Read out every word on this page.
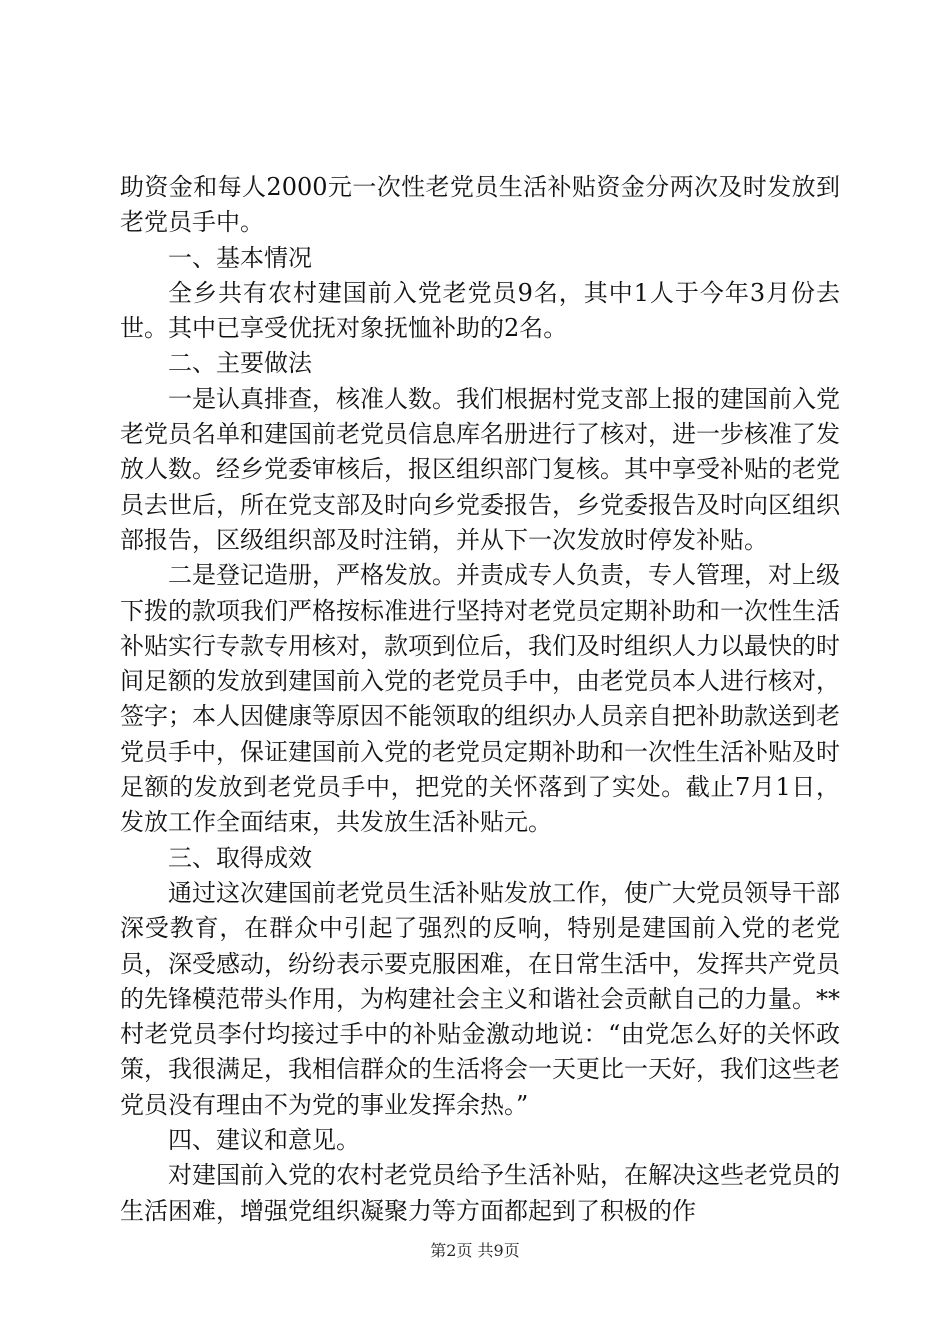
助资金和每人2000元一次性老党员生活补贴资金分两次及时发放到老党员手中。

一、基本情况

全乡共有农村建国前入党老党员9名，其中1人于今年3月份去世。其中已享受优抚对象抚恤补助的2名。

二、主要做法

一是认真排查，核准人数。我们根据村党支部上报的建国前入党老党员名单和建国前老党员信息库名册进行了核对，进一步核准了发放人数。经乡党委审核后，报区组织部门复核。其中享受补贴的老党员去世后，所在党支部及时向乡党委报告，乡党委报告及时向区组织部报告，区级组织部及时注销，并从下一次发放时停发补贴。

二是登记造册，严格发放。并责成专人负责，专人管理，对上级下拨的款项我们严格按标准进行坚持对老党员定期补助和一次性生活补贴实行专款专用核对，款项到位后，我们及时组织人力以最快的时间足额的发放到建国前入党的老党员手中，由老党员本人进行核对，签字；本人因健康等原因不能领取的组织办人员亲自把补助款送到老党员手中，保证建国前入党的老党员定期补助和一次性生活补贴及时足额的发放到老党员手中，把党的关怀落到了实处。截止7月1日，发放工作全面结束，共发放生活补贴元。

三、取得成效

通过这次建国前老党员生活补贴发放工作，使广大党员领导干部深受教育，在群众中引起了强烈的反响，特别是建国前入党的老党员，深受感动，纷纷表示要克服困难，在日常生活中，发挥共产党员的先锋模范带头作用，为构建社会主义和谐社会贡献自己的力量。**村老党员李付均接过手中的补贴金激动地说：“由党怎么好的关怀政策，我很满足，我相信群众的生活将会一天更比一天好，我们这些老党员没有理由不为党的事业发挥余热。”

四、建议和意见。

对建国前入党的农村老党员给予生活补贴，在解决这些老党员的生活困难，增强党组织凝聚力等方面都起到了积极的作

第2页 共9页
